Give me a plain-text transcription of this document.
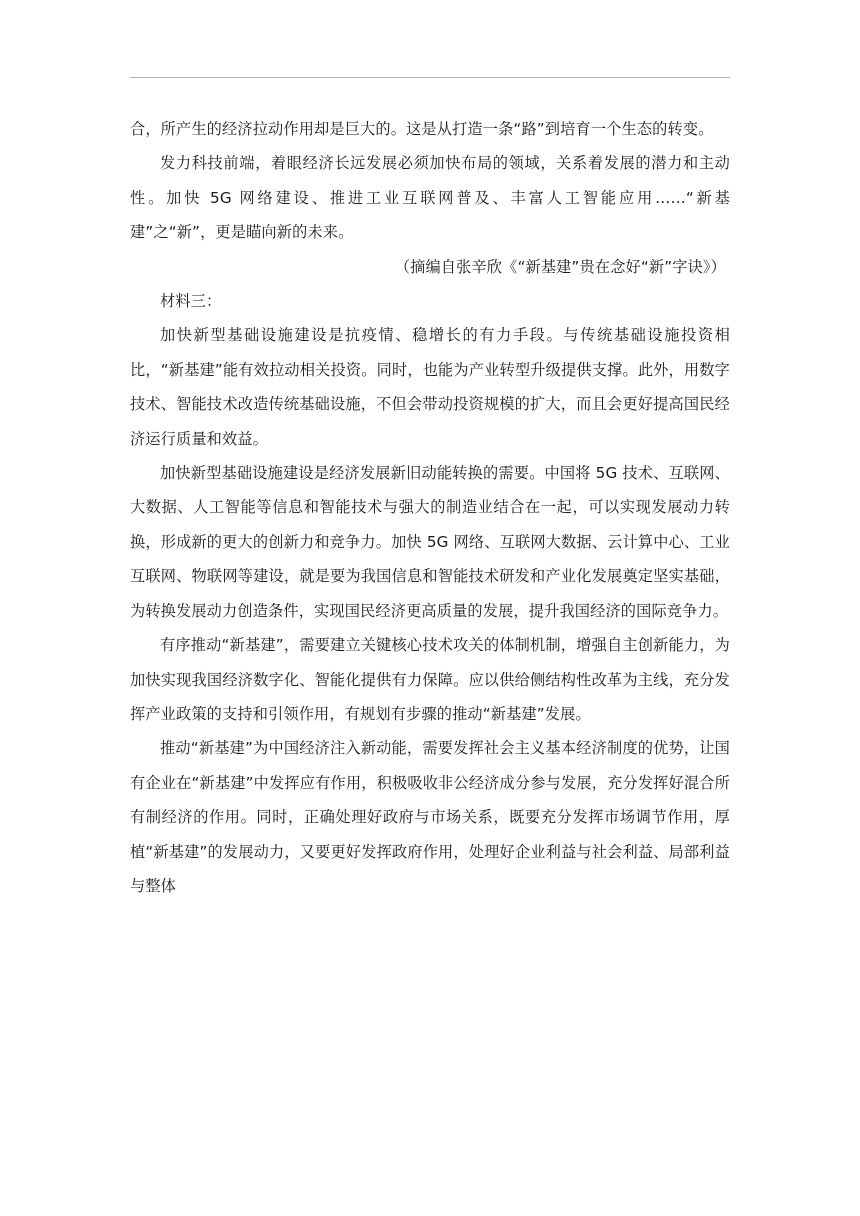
合，所产生的经济拉动作用却是巨大的。这是从打造一条“路”到培育一个生态的转变。

发力科技前端，着眼经济长远发展必须加快布局的领域，关系着发展的潜力和主动性。加快 5G 网络建设、推进工业互联网普及、丰富人工智能应用……“新基建”之“新”，更是瞄向新的未来。

（摘编自张辛欣《“新基建”贵在念好“新”字诀》）

材料三：

加快新型基础设施建设是抗疫情、稳增长的有力手段。与传统基础设施投资相比，“新基建”能有效拉动相关投资。同时，也能为产业转型升级提供支撑。此外，用数字技术、智能技术改造传统基础设施，不但会带动投资规模的扩大，而且会更好提高国民经济运行质量和效益。

加快新型基础设施建设是经济发展新旧动能转换的需要。中国将 5G 技术、互联网、大数据、人工智能等信息和智能技术与强大的制造业结合在一起，可以实现发展动力转换，形成新的更大的创新力和竞争力。加快 5G 网络、互联网大数据、云计算中心、工业互联网、物联网等建设，就是要为我国信息和智能技术研发和产业化发展奠定坚实基础，为转换发展动力创造条件，实现国民经济更高质量的发展，提升我国经济的国际竞争力。

有序推动“新基建”，需要建立关键核心技术攻关的体制机制，增强自主创新能力，为加快实现我国经济数字化、智能化提供有力保障。应以供给侧结构性改革为主线，充分发挥产业政策的支持和引领作用，有规划有步骤的推动“新基建”发展。

推动“新基建”为中国经济注入新动能，需要发挥社会主义基本经济制度的优势，让国有企业在“新基建”中发挥应有作用，积极吸收非公经济成分参与发展，充分发挥好混合所有制经济的作用。同时，正确处理好政府与市场关系，既要充分发挥市场调节作用，厚植“新基建”的发展动力，又要更好发挥政府作用，处理好企业利益与社会利益、局部利益与整体
